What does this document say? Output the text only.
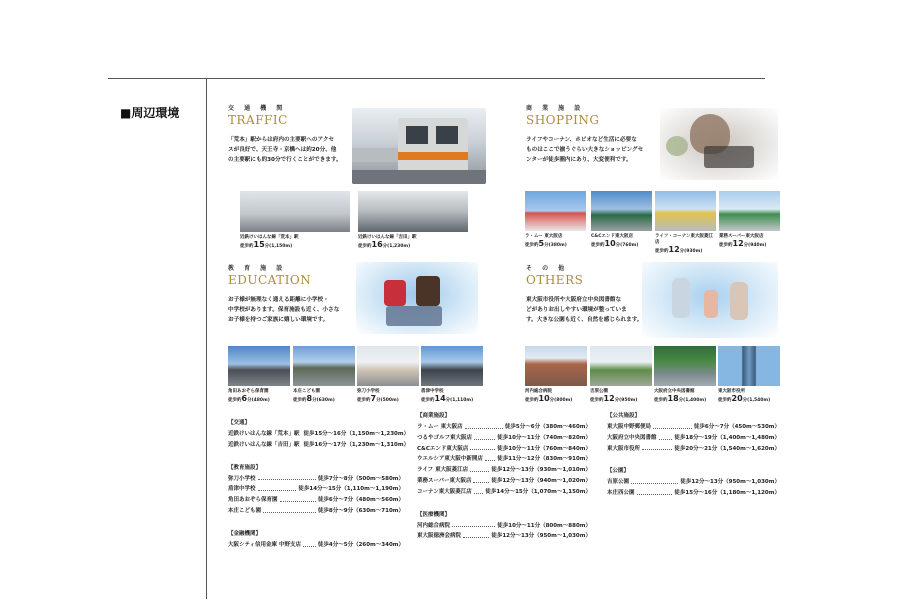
■周辺環境	交 通 機 関
TRAFFIC
「荒本」駅からは府内の主要駅へのアクセ
スが良好で、天王寺・京橋へは約20分、他
の主要駅にも約30分で行くことができます。
近鉄けいはんな線「荒本」駅
徒歩約15分(1,150m)
近鉄けいはんな線「吉田」駅
徒歩約16分(1,230m)
商 業 施 設
SHOPPING
ライフやコーナン、ホビオなど生活に必要な
ものはここで揃うぐらい大きなショッピングセ
ンターが徒歩圏内にあり、大変便利です。
ラ・ムー 東大阪店
徒歩約5分(380m)
C&Cエンド東大阪店
徒歩約10分(760m)
ライフ・コーナン東大阪菱江店
徒歩約12分(930m)
業務スーパー東大阪店
徒歩約12分(940m)
教 育 施 設
EDUCATION
お子様が無理なく通える距離に小学校・
中学校があります。保育施設も近く、小さな
お子様を持つご家族に嬉しい環境です。
角田あおぞら保育園
徒歩約6分(480m)
本庄こども園
徒歩約8分(630m)
弥刀小学校
徒歩約7分(500m)
盾津中学校
徒歩約14分(1,110m)
そ の 他
OTHERS
東大阪市役所や大阪府立中央図書館な
どがありお出しやすい環境が整っていま
す。大きな公園も近く、自然を感じられます。
河内総合病院
徒歩約10分(800m)
吉原公園
徒歩約12分(950m)
大阪府立中央図書館
徒歩約18分(1,400m)
東大阪市役所
徒歩約20分(1,540m)
【交通】
近鉄けいはんな線「荒本」駅 徒歩15分～16分（1,150m～1,230m）
近鉄けいはんな線「吉田」駅 徒歩16分～17分（1,230m～1,310m）
【教育施設】
弥刀小学校	徒歩7分～8分（500m～580m）
盾津中学校	徒歩14分～15分（1,110m～1,190m）
角田あおぞら保育園	徒歩6分～7分（480m～560m）
本庄こども園	徒歩8分～9分（630m～710m）
【金融機関】
大阪シティ信用金庫 中野支店	徒歩4分～5分（260m～340m）
【商業施設】
ラ・ムー 東大阪店	徒歩5分～6分（380m～460m）
つるやゴルフ東大阪店	徒歩10分～11分（740m～820m）
C&Cエンド東大阪店	徒歩10分～11分（760m～840m）
ウエルシア東大阪中新開店	徒歩11分～12分（830m～910m）
ライフ 東大阪菱江店	徒歩12分～13分（930m～1,010m）
業務スーパー東大阪店	徒歩12分～13分（940m～1,020m）
コーナン東大阪菱江店 徒歩14分～15分（1,070m～1,150m）
【医療機関】
河内総合病院	徒歩10分～11分（800m～880m）
東大阪徳洲会病院	徒歩12分～13分（950m～1,030m）
【公共施設】
東大阪中野郵便局	徒歩6分～7分（450m～530m）
大阪府立中央図書館	徒歩18分～19分（1,400m～1,480m）
東大阪市役所	徒歩20分～21分（1,540m～1,620m）
【公園】
吉原公園	徒歩12分～13分（950m～1,030m）
本庄西公園	徒歩15分～16分（1,180m～1,120m）
